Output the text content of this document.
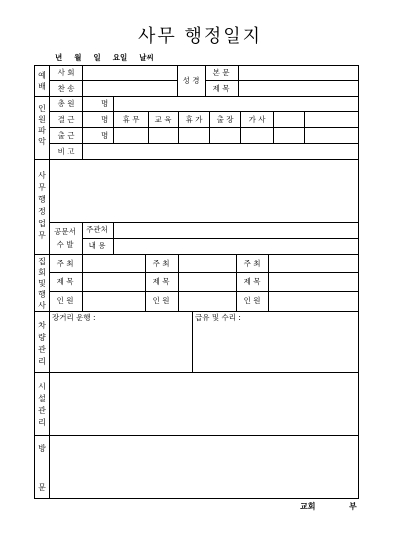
사무 행정일지
년 월 일 요일 날씨
예
배
인
원
파
악
사
무
행
정
업
무
집
회
및
행
사
차
량
관
리
시
설
관
리
방
문
사 회
찬 송
성 경
본 문
제 목
총 원
결 근
출 근
비 고
명
명
명
휴 무 교 육 휴 가 출 장 가 사
공문서
수 발
주관처
내 용
주 최
제 목
인 원
주 최
제 목
인 원
주 최
제 목
인 원
장거리 운행 :	급유 및 수리 :
교회	부
